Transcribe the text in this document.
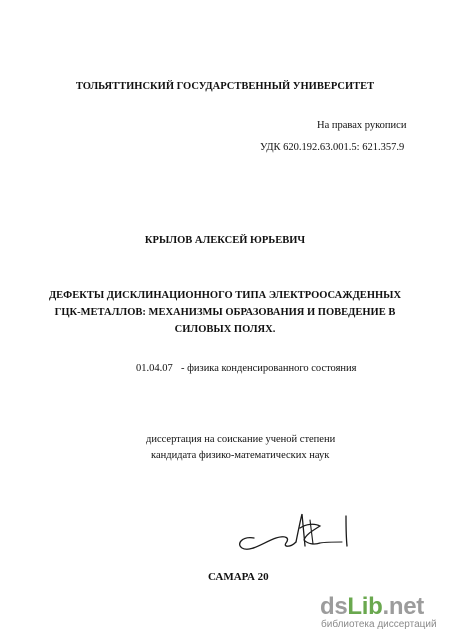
ТОЛЬЯТТИНСКИЙ ГОСУДАРСТВЕННЫЙ УНИВЕРСИТЕТ
На правах рукописи
УДК 620.192.63.001.5: 621.357.9
КРЫЛОВ АЛЕКСЕЙ ЮРЬЕВИЧ
ДЕФЕКТЫ ДИСКЛИНАЦИОННОГО ТИПА ЭЛЕКТРООСАЖДЕННЫХ
ГЦК-МЕТАЛЛОВ: МЕХАНИЗМЫ ОБРАЗОВАНИЯ И ПОВЕДЕНИЕ В
СИЛОВЫХ ПОЛЯХ.
01.04.07 - физика конденсированного состояния
диссертация на соискание ученой степени
кандидата физико-математических наук
САМАРА 20
dsLib.net
библиотека диссертаций
